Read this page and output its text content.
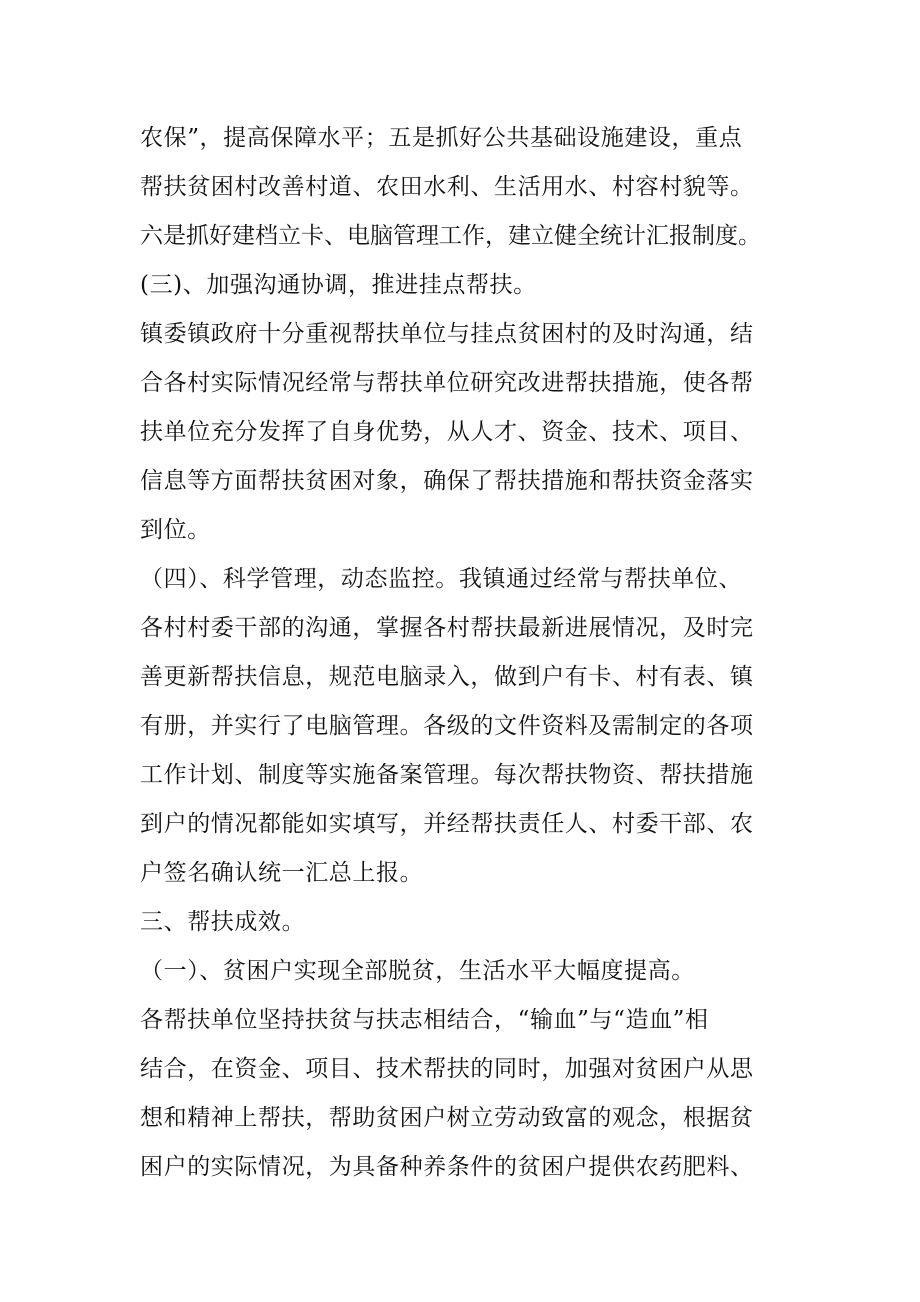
农保”，提高保障水平；五是抓好公共基础设施建设，重点
帮扶贫困村改善村道、农田水利、生活用水、村容村貌等。
六是抓好建档立卡、电脑管理工作，建立健全统计汇报制度。
(三)、加强沟通协调，推进挂点帮扶。
镇委镇政府十分重视帮扶单位与挂点贫困村的及时沟通，结
合各村实际情况经常与帮扶单位研究改进帮扶措施，使各帮
扶单位充分发挥了自身优势，从人才、资金、技术、项目、
信息等方面帮扶贫困对象，确保了帮扶措施和帮扶资金落实
到位。
（四）、科学管理，动态监控。我镇通过经常与帮扶单位、
各村村委干部的沟通，掌握各村帮扶最新进展情况，及时完
善更新帮扶信息，规范电脑录入，做到户有卡、村有表、镇
有册，并实行了电脑管理。各级的文件资料及需制定的各项
工作计划、制度等实施备案管理。每次帮扶物资、帮扶措施
到户的情况都能如实填写，并经帮扶责任人、村委干部、农
户签名确认统一汇总上报。
三、帮扶成效。
（一）、贫困户实现全部脱贫，生活水平大幅度提高。
各帮扶单位坚持扶贫与扶志相结合，“输血”与“造血”相
结合，在资金、项目、技术帮扶的同时，加强对贫困户从思
想和精神上帮扶，帮助贫困户树立劳动致富的观念，根据贫
困户的实际情况，为具备种养条件的贫困户提供农药肥料、
